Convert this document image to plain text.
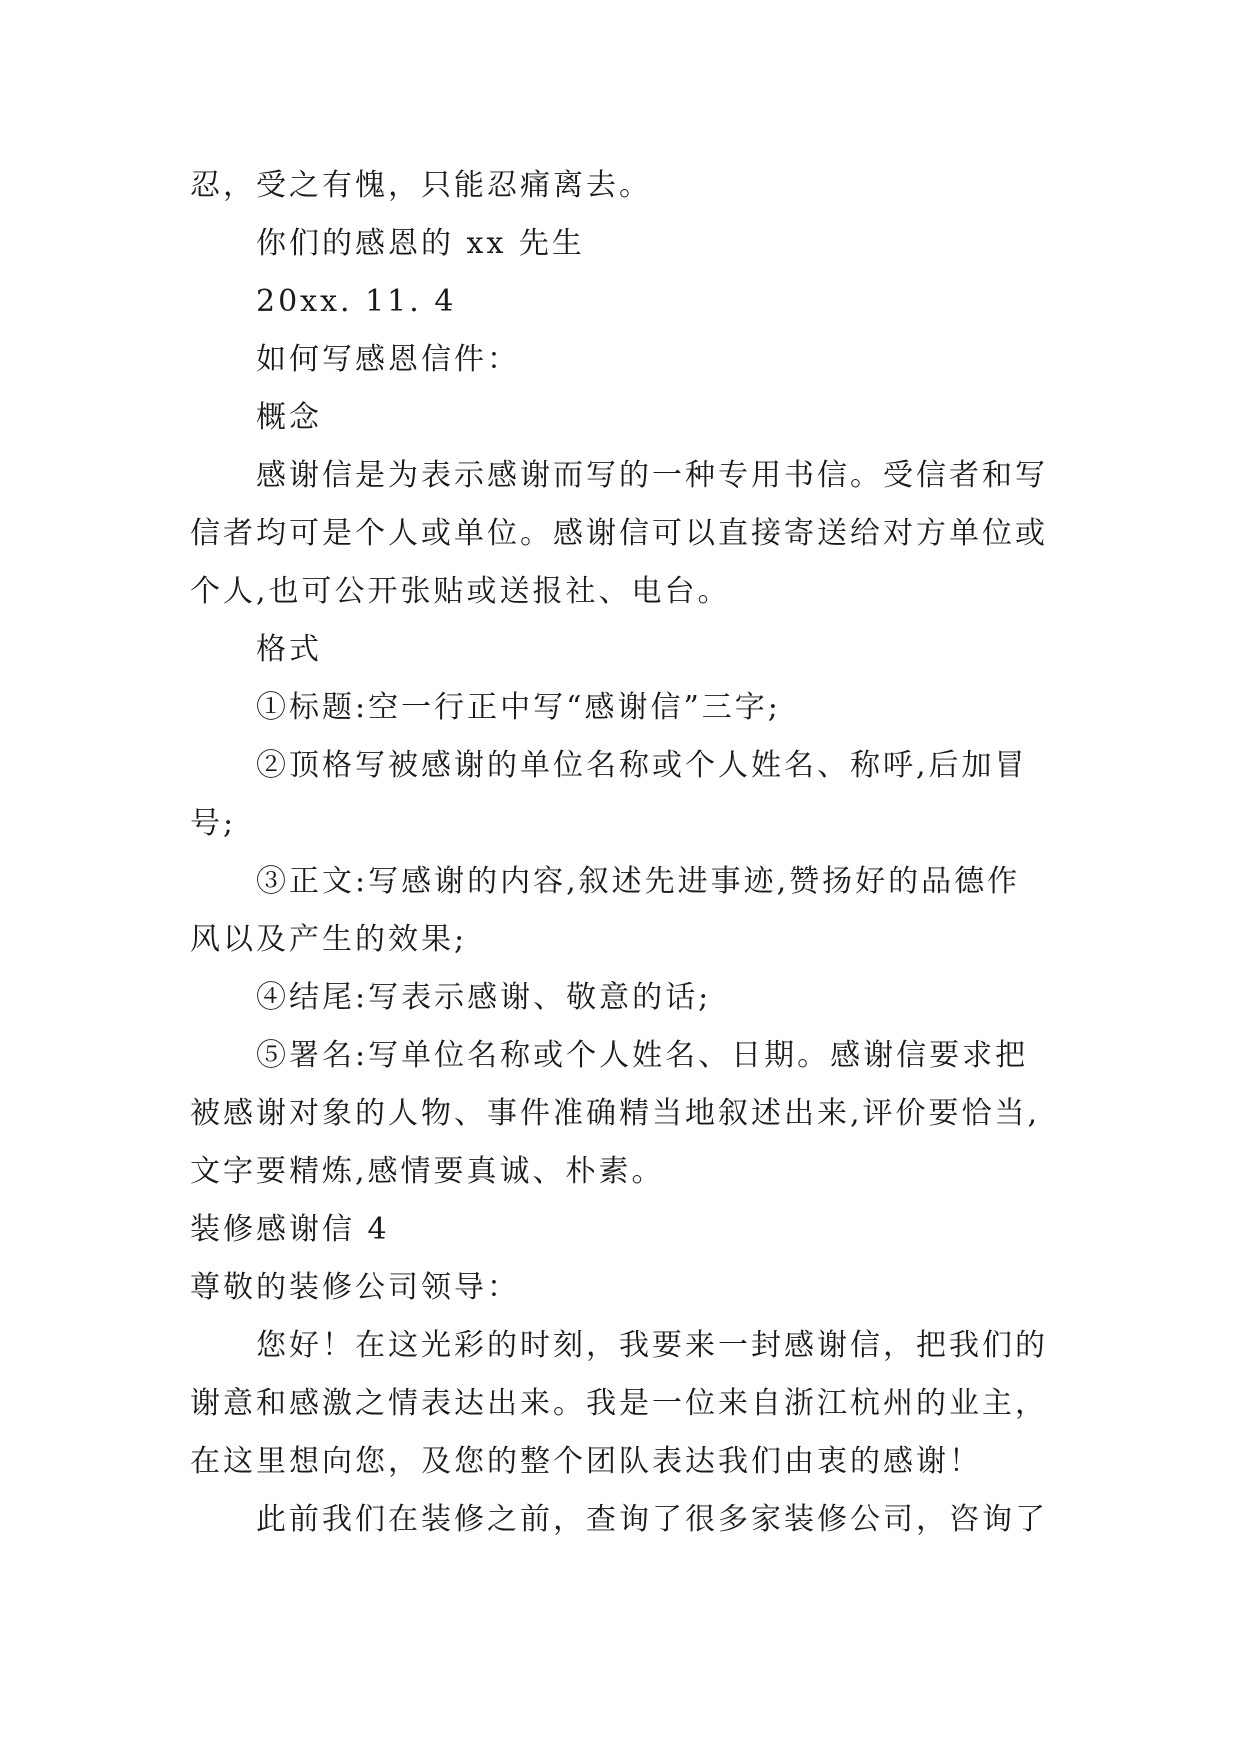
忍，受之有愧，只能忍痛离去。

你们的感恩的 xx 先生

20xx. 11. 4

如何写感恩信件：

概念

感谢信是为表示感谢而写的一种专用书信。受信者和写

信者均可是个人或单位。感谢信可以直接寄送给对方单位或

个人,也可公开张贴或送报社、电台。

格式

①标题:空一行正中写“感谢信”三字;

②顶格写被感谢的单位名称或个人姓名、称呼,后加冒

号;

③正文:写感谢的内容,叙述先进事迹,赞扬好的品德作

风以及产生的效果;

④结尾:写表示感谢、敬意的话;

⑤署名:写单位名称或个人姓名、日期。感谢信要求把

被感谢对象的人物、事件准确精当地叙述出来,评价要恰当,

文字要精炼,感情要真诚、朴素。

装修感谢信 4

尊敬的装修公司领导：

您好！在这光彩的时刻，我要来一封感谢信，把我们的

谢意和感激之情表达出来。我是一位来自浙江杭州的业主，

在这里想向您，及您的整个团队表达我们由衷的感谢！

此前我们在装修之前，查询了很多家装修公司，咨询了
